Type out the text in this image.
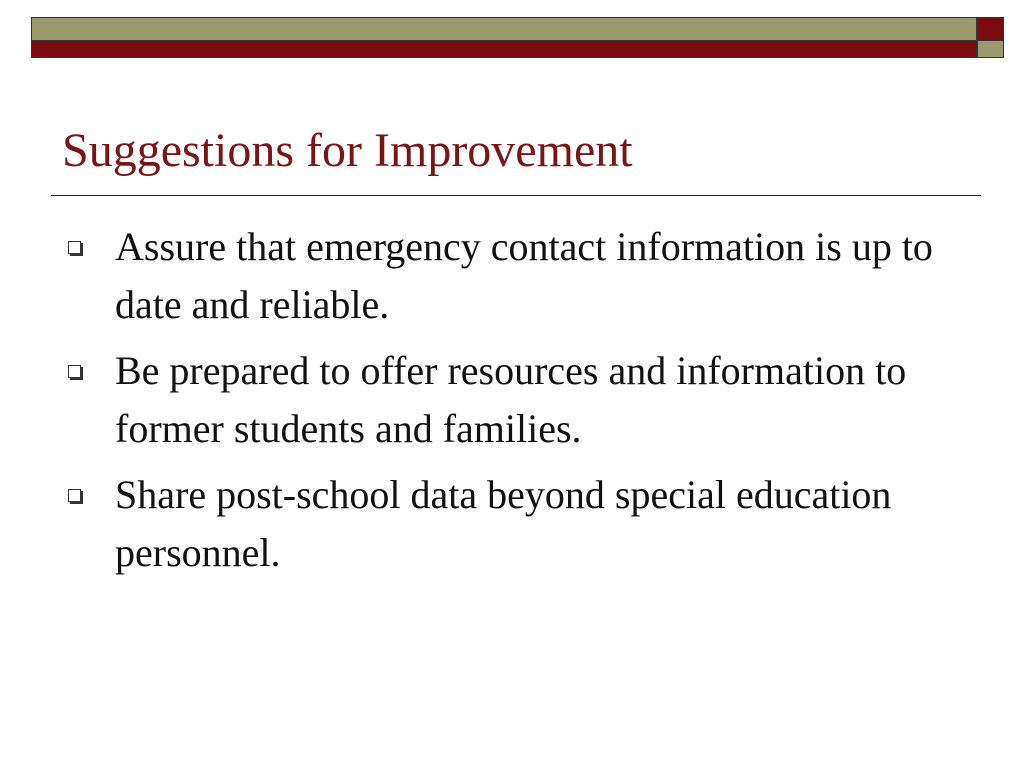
Suggestions for Improvement
Assure that emergency contact information is up to date and reliable.
Be prepared to offer resources and information to former students and families.
Share post-school data beyond special education personnel.
